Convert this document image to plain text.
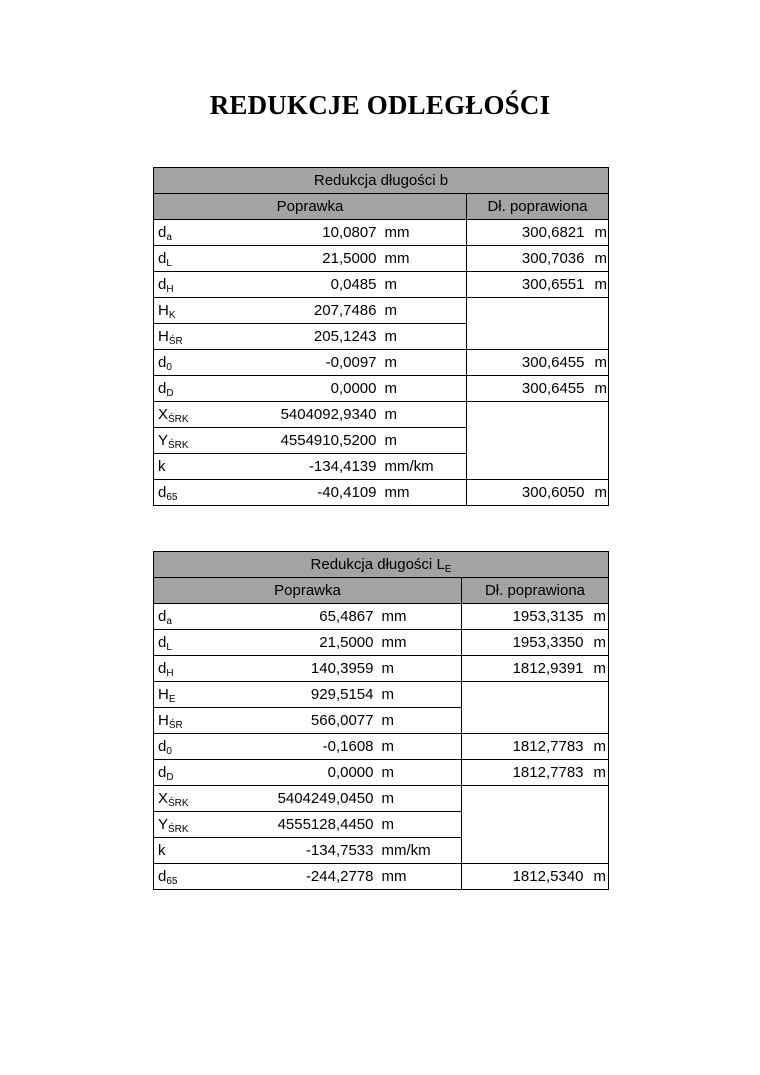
REDUKCJE ODLEGŁOŚCI
Redukcja długości b				
Poprawka			Dł. poprawiona	
$d_a$	10,0807	mm	300,6821	m
$d_L$	21,5000	mm	300,7036	m
$d_H$	0,0485	m	300,6551	m
$H_K$	207,7486	m		
$H_{ŚR}$	205,1243	m		
$d_0$	-0,0097	m	300,6455	m
$d_D$	0,0000	m	300,6455	m
$X_{ŚRK}$	5404092,9340	m		
$Y_{ŚRK}$	4554910,5200	m		
k	-134,4139	mm/km		
$d_{65}$	-40,4109	mm	300,6050	m
Redukcja długości $L_E$
Poprawka			Dł. poprawiona	
$d_a$	65,4867	mm	1953,3135	m
$d_L$	21,5000	mm	1953,3350	m
$d_H$	140,3959	m	1812,9391	m
$H_E$	929,5154	m		
$H_{ŚR}$	566,0077	m		
$d_0$	-0,1608	m	1812,7783	m
$d_D$	0,0000	m	1812,7783	m
$X_{ŚRK}$	5404249,0450	m		
$Y_{ŚRK}$	4555128,4450	m		
k	-134,7533	mm/km		
$d_{65}$	-244,2778	mm	1812,5340	m
